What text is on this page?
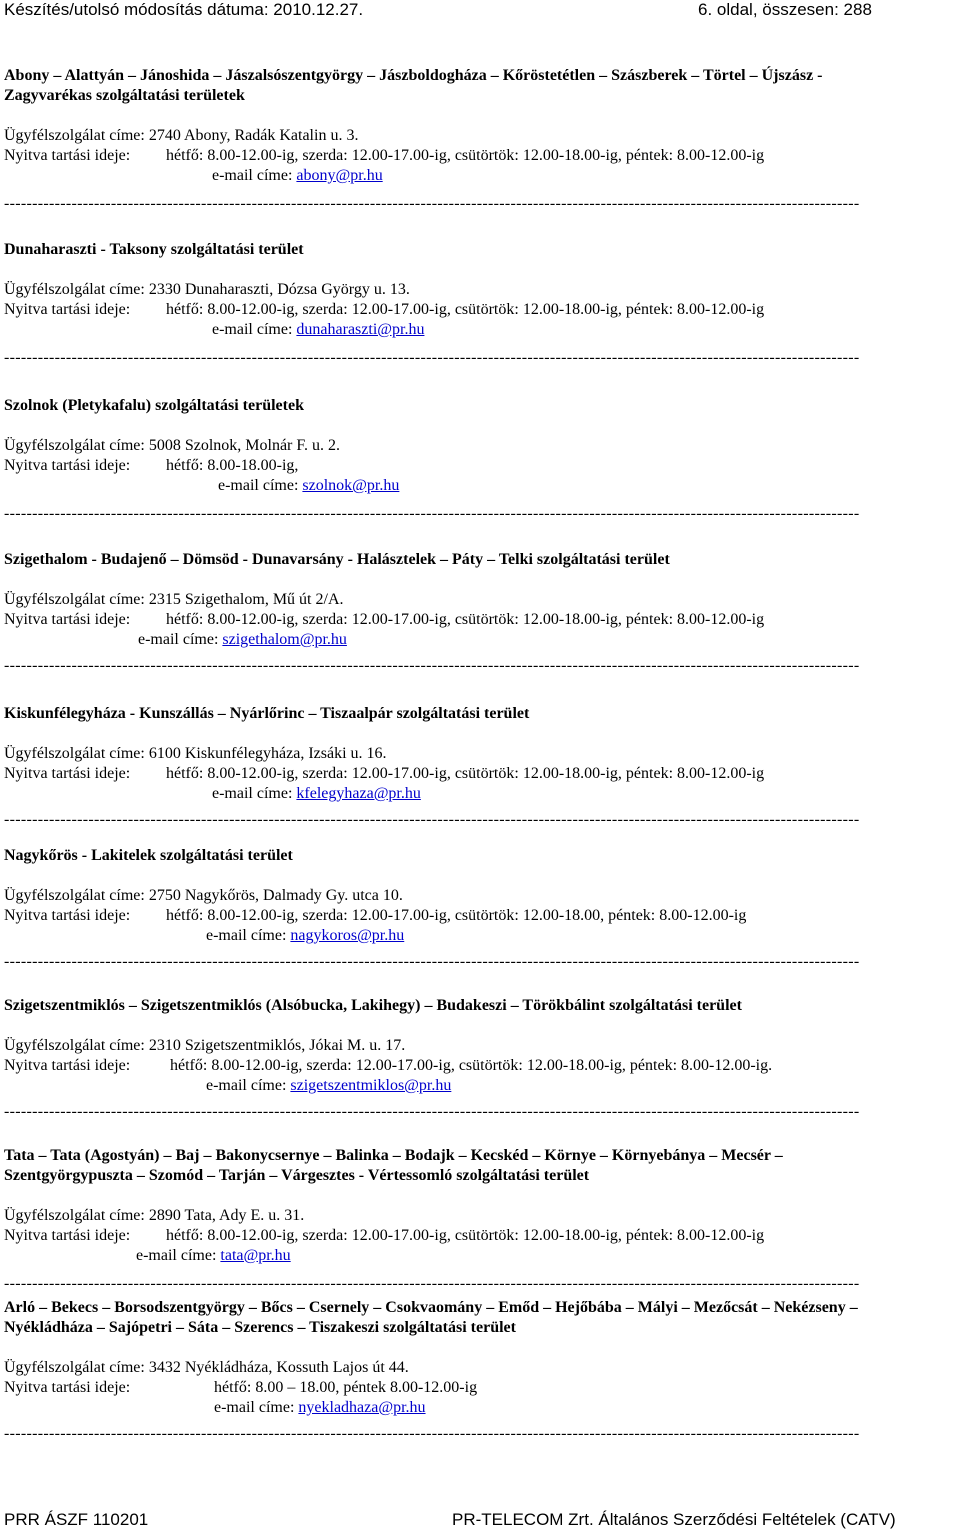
Készítés/utolsó módosítás dátuma: 2010.12.27.	6. oldal, összesen: 288
Abony – Alattyán – Jánoshida – Jászalsószentgyörgy – Jászboldogháza – Kőröstetétlen – Szászberek – Törtel – Újszász -
Zagyvarékas szolgáltatási területek
Ügyfélszolgálat címe: 2740 Abony, Radák Katalin u. 3.
Nyitva tartási ideje: hétfő: 8.00-12.00-ig, szerda: 12.00-17.00-ig, csütörtök: 12.00-18.00-ig, péntek: 8.00-12.00-ig
e-mail címe: abony@pr.hu
--------------------------------------------------------------------------------------------------------------------------------------------------------
Dunaharaszti - Taksony szolgáltatási terület
Ügyfélszolgálat címe: 2330 Dunaharaszti, Dózsa György u. 13.
Nyitva tartási ideje: hétfő: 8.00-12.00-ig, szerda: 12.00-17.00-ig, csütörtök: 12.00-18.00-ig, péntek: 8.00-12.00-ig
e-mail címe: dunaharaszti@pr.hu
--------------------------------------------------------------------------------------------------------------------------------------------------------
Szolnok (Pletykafalu) szolgáltatási területek
Ügyfélszolgálat címe: 5008 Szolnok, Molnár F. u. 2.
Nyitva tartási ideje: hétfő: 8.00-18.00-ig,
e-mail címe: szolnok@pr.hu
--------------------------------------------------------------------------------------------------------------------------------------------------------
Szigethalom - Budajenő – Dömsöd - Dunavarsány - Halásztelek – Páty – Telki szolgáltatási terület
Ügyfélszolgálat címe: 2315 Szigethalom, Mű út 2/A.
Nyitva tartási ideje: hétfő: 8.00-12.00-ig, szerda: 12.00-17.00-ig, csütörtök: 12.00-18.00-ig, péntek: 8.00-12.00-ig
e-mail címe: szigethalom@pr.hu
--------------------------------------------------------------------------------------------------------------------------------------------------------
Kiskunfélegyháza - Kunszállás – Nyárlőrinc – Tiszaalpár szolgáltatási terület
Ügyfélszolgálat címe: 6100 Kiskunfélegyháza, Izsáki u. 16.
Nyitva tartási ideje: hétfő: 8.00-12.00-ig, szerda: 12.00-17.00-ig, csütörtök: 12.00-18.00-ig, péntek: 8.00-12.00-ig
e-mail címe: kfelegyhaza@pr.hu
--------------------------------------------------------------------------------------------------------------------------------------------------------
Nagykőrös - Lakitelek szolgáltatási terület
Ügyfélszolgálat címe: 2750 Nagykőrös, Dalmady Gy. utca 10.
Nyitva tartási ideje: hétfő: 8.00-12.00-ig, szerda: 12.00-17.00-ig, csütörtök: 12.00-18.00, péntek: 8.00-12.00-ig
e-mail címe: nagykoros@pr.hu
--------------------------------------------------------------------------------------------------------------------------------------------------------
Szigetszentmiklós – Szigetszentmiklós (Alsóbucka, Lakihegy) – Budakeszi – Törökbálint szolgáltatási terület
Ügyfélszolgálat címe: 2310 Szigetszentmiklós, Jókai M. u. 17.
Nyitva tartási ideje: hétfő: 8.00-12.00-ig, szerda: 12.00-17.00-ig, csütörtök: 12.00-18.00-ig, péntek: 8.00-12.00-ig.
e-mail címe: szigetszentmiklos@pr.hu
--------------------------------------------------------------------------------------------------------------------------------------------------------
Tata – Tata (Agostyán) – Baj – Bakonycsernye – Balinka – Bodajk – Kecskéd – Környe – Környebánya – Mecsér –
Szentgyörgypuszta – Szomód – Tarján – Várgesztes - Vértessomló szolgáltatási terület
Ügyfélszolgálat címe: 2890 Tata, Ady E. u. 31.
Nyitva tartási ideje: hétfő: 8.00-12.00-ig, szerda: 12.00-17.00-ig, csütörtök: 12.00-18.00-ig, péntek: 8.00-12.00-ig
e-mail címe: tata@pr.hu
--------------------------------------------------------------------------------------------------------------------------------------------------------
Arló – Bekecs – Borsodszentgyörgy – Bőcs – Csernely – Csokvaomány – Emőd – Hejőbába – Mályi – Mezőcsát – Nekézseny –
Nyékládháza – Sajópetri – Sáta – Szerencs – Tiszakeszi szolgáltatási terület
Ügyfélszolgálat címe: 3432 Nyékládháza, Kossuth Lajos út 44.
Nyitva tartási ideje:	hétfő: 8.00 – 18.00, péntek 8.00-12.00-ig
e-mail címe: nyekladhaza@pr.hu
--------------------------------------------------------------------------------------------------------------------------------------------------------
PRR ÁSZF 110201	PR-TELECOM Zrt. Általános Szerződési Feltételek (CATV)
